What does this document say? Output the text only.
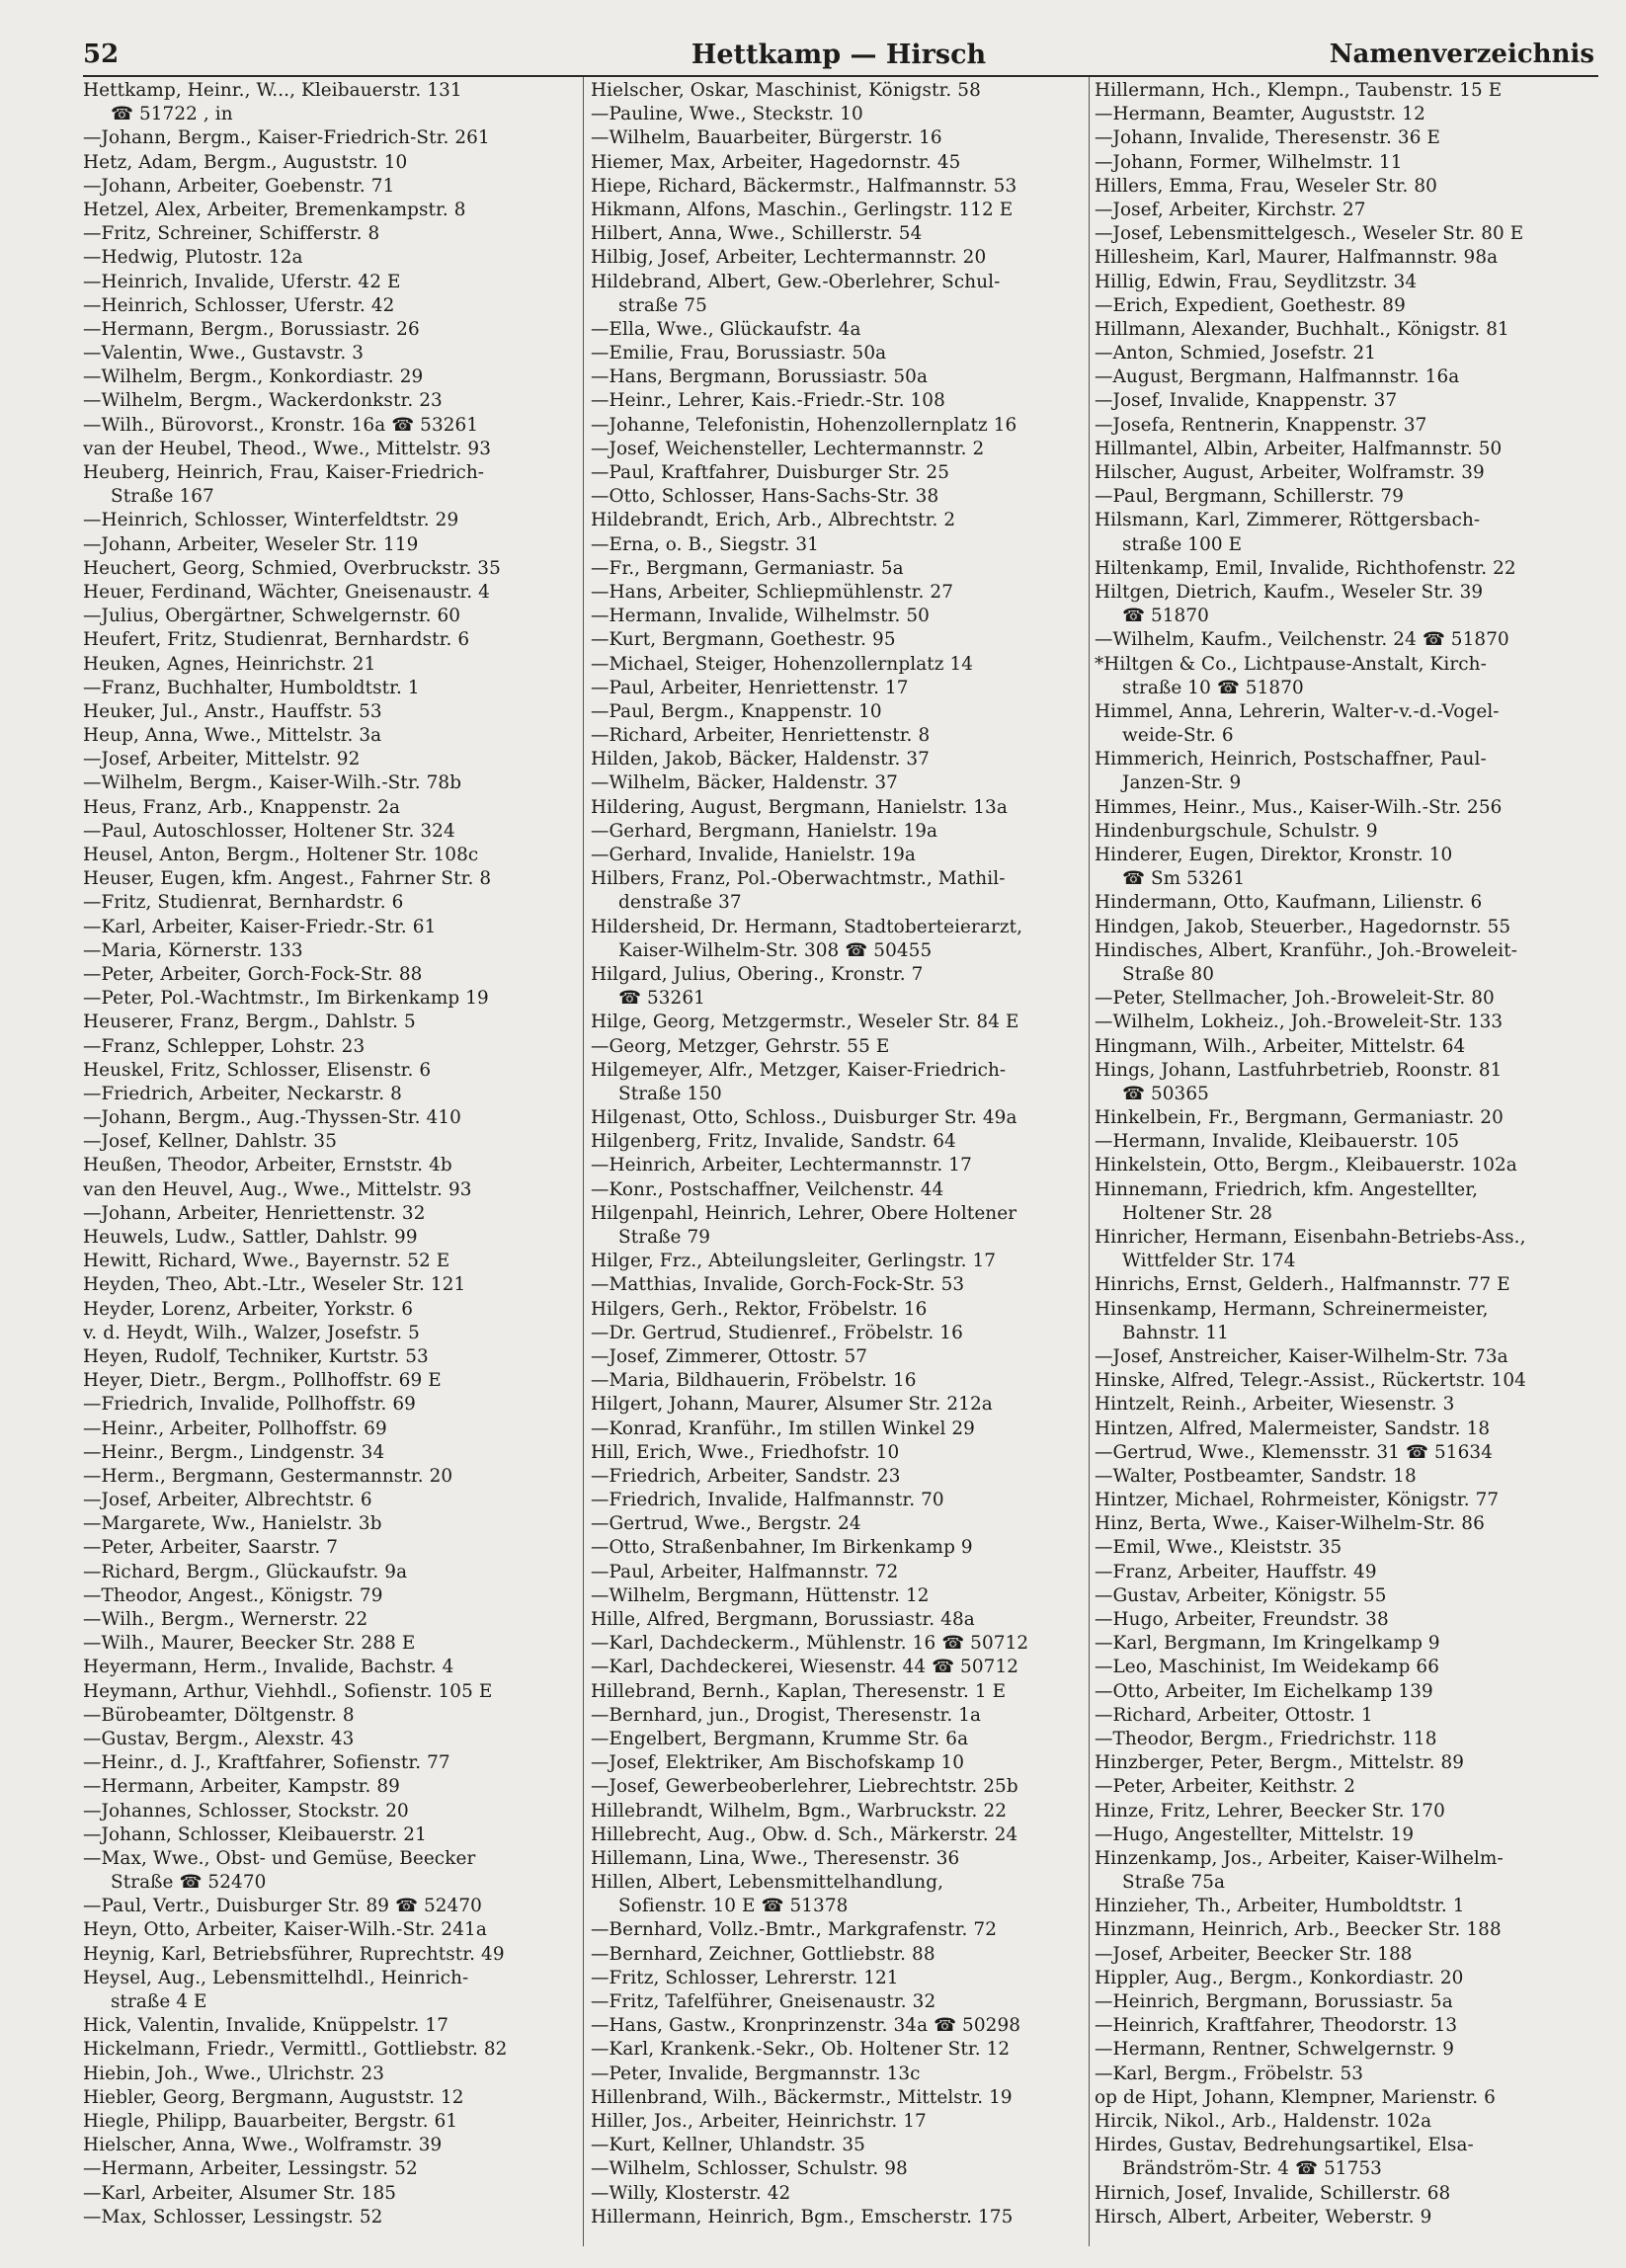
52	Hettkamp — Hirsch	Namenverzeichnis
Hettkamp, Heinr., W..., Kleibauerstr. 131
☎ 51722 , in
—Johann, Bergm., Kaiser-Friedrich-Str. 261
Hetz, Adam, Bergm., Auguststr. 10
—Johann, Arbeiter, Goebenstr. 71
Hetzel, Alex, Arbeiter, Bremenkampstr. 8
—Fritz, Schreiner, Schifferstr. 8
—Hedwig, Plutostr. 12a
—Heinrich, Invalide, Uferstr. 42 E
—Heinrich, Schlosser, Uferstr. 42
—Hermann, Bergm., Borussiastr. 26
—Valentin, Wwe., Gustavstr. 3
—Wilhelm, Bergm., Konkordiastr. 29
—Wilhelm, Bergm., Wackerdonkstr. 23
—Wilh., Bürovorst., Kronstr. 16a ☎ 53261
van der Heubel, Theod., Wwe., Mittelstr. 93
Heuberg, Heinrich, Frau, Kaiser-Friedrich-
Straße 167
—Heinrich, Schlosser, Winterfeldtstr. 29
—Johann, Arbeiter, Weseler Str. 119
Heuchert, Georg, Schmied, Overbruckstr. 35
Heuer, Ferdinand, Wächter, Gneisenaustr. 4
—Julius, Obergärtner, Schwelgernstr. 60
Heufert, Fritz, Studienrat, Bernhardstr. 6
Heuken, Agnes, Heinrichstr. 21
—Franz, Buchhalter, Humboldtstr. 1
Heuker, Jul., Anstr., Hauffstr. 53
Heup, Anna, Wwe., Mittelstr. 3a
—Josef, Arbeiter, Mittelstr. 92
—Wilhelm, Bergm., Kaiser-Wilh.-Str. 78b
Heus, Franz, Arb., Knappenstr. 2a
—Paul, Autoschlosser, Holtener Str. 324
Heusel, Anton, Bergm., Holtener Str. 108c
Heuser, Eugen, kfm. Angest., Fahrner Str. 8
—Fritz, Studienrat, Bernhardstr. 6
—Karl, Arbeiter, Kaiser-Friedr.-Str. 61
—Maria, Körnerstr. 133
—Peter, Arbeiter, Gorch-Fock-Str. 88
—Peter, Pol.-Wachtmstr., Im Birkenkamp 19
Heuserer, Franz, Bergm., Dahlstr. 5
—Franz, Schlepper, Lohstr. 23
Heuskel, Fritz, Schlosser, Elisenstr. 6
—Friedrich, Arbeiter, Neckarstr. 8
—Johann, Bergm., Aug.-Thyssen-Str. 410
—Josef, Kellner, Dahlstr. 35
Heußen, Theodor, Arbeiter, Ernststr. 4b
van den Heuvel, Aug., Wwe., Mittelstr. 93
—Johann, Arbeiter, Henriettenstr. 32
Heuwels, Ludw., Sattler, Dahlstr. 99
Hewitt, Richard, Wwe., Bayernstr. 52 E
Heyden, Theo, Abt.-Ltr., Weseler Str. 121
Heyder, Lorenz, Arbeiter, Yorkstr. 6
v. d. Heydt, Wilh., Walzer, Josefstr. 5
Heyen, Rudolf, Techniker, Kurtstr. 53
Heyer, Dietr., Bergm., Pollhoffstr. 69 E
—Friedrich, Invalide, Pollhoffstr. 69
—Heinr., Arbeiter, Pollhoffstr. 69
—Heinr., Bergm., Lindgenstr. 34
—Herm., Bergmann, Gestermannstr. 20
—Josef, Arbeiter, Albrechtstr. 6
—Margarete, Ww., Hanielstr. 3b
—Peter, Arbeiter, Saarstr. 7
—Richard, Bergm., Glückaufstr. 9a
—Theodor, Angest., Königstr. 79
—Wilh., Bergm., Wernerstr. 22
—Wilh., Maurer, Beecker Str. 288 E
Heyermann, Herm., Invalide, Bachstr. 4
Heymann, Arthur, Viehhdl., Sofienstr. 105 E
—Bürobeamter, Döltgenstr. 8
—Gustav, Bergm., Alexstr. 43
—Heinr., d. J., Kraftfahrer, Sofienstr. 77
—Hermann, Arbeiter, Kampstr. 89
—Johannes, Schlosser, Stockstr. 20
—Johann, Schlosser, Kleibauerstr. 21
—Max, Wwe., Obst- und Gemüse, Beecker
Straße ☎ 52470
—Paul, Vertr., Duisburger Str. 89 ☎ 52470
Heyn, Otto, Arbeiter, Kaiser-Wilh.-Str. 241a
Heynig, Karl, Betriebsführer, Ruprechtstr. 49
Heysel, Aug., Lebensmittelhdl., Heinrich-
straße 4 E
Hick, Valentin, Invalide, Knüppelstr. 17
Hickelmann, Friedr., Vermittl., Gottliebstr. 82
Hiebin, Joh., Wwe., Ulrichstr. 23
Hiebler, Georg, Bergmann, Auguststr. 12
Hiegle, Philipp, Bauarbeiter, Bergstr. 61
Hielscher, Anna, Wwe., Wolframstr. 39
—Hermann, Arbeiter, Lessingstr. 52
—Karl, Arbeiter, Alsumer Str. 185
—Max, Schlosser, Lessingstr. 52
Hielscher, Oskar, Maschinist, Königstr. 58
—Pauline, Wwe., Steckstr. 10
—Wilhelm, Bauarbeiter, Bürgerstr. 16
Hiemer, Max, Arbeiter, Hagedornstr. 45
Hiepe, Richard, Bäckermstr., Halfmannstr. 53
Hikmann, Alfons, Maschin., Gerlingstr. 112 E
Hilbert, Anna, Wwe., Schillerstr. 54
Hilbig, Josef, Arbeiter, Lechtermannstr. 20
Hildebrand, Albert, Gew.-Oberlehrer, Schul-
straße 75
—Ella, Wwe., Glückaufstr. 4a
—Emilie, Frau, Borussiastr. 50a
—Hans, Bergmann, Borussiastr. 50a
—Heinr., Lehrer, Kais.-Friedr.-Str. 108
—Johanne, Telefonistin, Hohenzollernplatz 16
—Josef, Weichensteller, Lechtermannstr. 2
—Paul, Kraftfahrer, Duisburger Str. 25
—Otto, Schlosser, Hans-Sachs-Str. 38
Hildebrandt, Erich, Arb., Albrechtstr. 2
—Erna, o. B., Siegstr. 31
—Fr., Bergmann, Germaniastr. 5a
—Hans, Arbeiter, Schliepmühlenstr. 27
—Hermann, Invalide, Wilhelmstr. 50
—Kurt, Bergmann, Goethestr. 95
—Michael, Steiger, Hohenzollernplatz 14
—Paul, Arbeiter, Henriettenstr. 17
—Paul, Bergm., Knappenstr. 10
—Richard, Arbeiter, Henriettenstr. 8
Hilden, Jakob, Bäcker, Haldenstr. 37
—Wilhelm, Bäcker, Haldenstr. 37
Hildering, August, Bergmann, Hanielstr. 13a
—Gerhard, Bergmann, Hanielstr. 19a
—Gerhard, Invalide, Hanielstr. 19a
Hilbers, Franz, Pol.-Oberwachtmstr., Mathil-
denstraße 37
Hildersheid, Dr. Hermann, Stadtoberteierarzt,
Kaiser-Wilhelm-Str. 308 ☎ 50455
Hilgard, Julius, Obering., Kronstr. 7
☎ 53261
Hilge, Georg, Metzgermstr., Weseler Str. 84 E
—Georg, Metzger, Gehrstr. 55 E
Hilgemeyer, Alfr., Metzger, Kaiser-Friedrich-
Straße 150
Hilgenast, Otto, Schloss., Duisburger Str. 49a
Hilgenberg, Fritz, Invalide, Sandstr. 64
—Heinrich, Arbeiter, Lechtermannstr. 17
—Konr., Postschaffner, Veilchenstr. 44
Hilgenpahl, Heinrich, Lehrer, Obere Holtener
Straße 79
Hilger, Frz., Abteilungsleiter, Gerlingstr. 17
—Matthias, Invalide, Gorch-Fock-Str. 53
Hilgers, Gerh., Rektor, Fröbelstr. 16
—Dr. Gertrud, Studienref., Fröbelstr. 16
—Josef, Zimmerer, Ottostr. 57
—Maria, Bildhauerin, Fröbelstr. 16
Hilgert, Johann, Maurer, Alsumer Str. 212a
—Konrad, Kranführ., Im stillen Winkel 29
Hill, Erich, Wwe., Friedhofstr. 10
—Friedrich, Arbeiter, Sandstr. 23
—Friedrich, Invalide, Halfmannstr. 70
—Gertrud, Wwe., Bergstr. 24
—Otto, Straßenbahner, Im Birkenkamp 9
—Paul, Arbeiter, Halfmannstr. 72
—Wilhelm, Bergmann, Hüttenstr. 12
Hille, Alfred, Bergmann, Borussiastr. 48a
—Karl, Dachdeckerm., Mühlenstr. 16 ☎ 50712
—Karl, Dachdeckerei, Wiesenstr. 44 ☎ 50712
Hillebrand, Bernh., Kaplan, Theresenstr. 1 E
—Bernhard, jun., Drogist, Theresenstr. 1a
—Engelbert, Bergmann, Krumme Str. 6a
—Josef, Elektriker, Am Bischofskamp 10
—Josef, Gewerbeoberlehrer, Liebrechtstr. 25b
Hillebrandt, Wilhelm, Bgm., Warbruckstr. 22
Hillebrecht, Aug., Obw. d. Sch., Märkerstr. 24
Hillemann, Lina, Wwe., Theresenstr. 36
Hillen, Albert, Lebensmittelhandlung,
Sofienstr. 10 E ☎ 51378
—Bernhard, Vollz.-Bmtr., Markgrafenstr. 72
—Bernhard, Zeichner, Gottliebstr. 88
—Fritz, Schlosser, Lehrerstr. 121
—Fritz, Tafelführer, Gneisenaustr. 32
—Hans, Gastw., Kronprinzenstr. 34a ☎ 50298
—Karl, Krankenk.-Sekr., Ob. Holtener Str. 12
—Peter, Invalide, Bergmannstr. 13c
Hillenbrand, Wilh., Bäckermstr., Mittelstr. 19
Hiller, Jos., Arbeiter, Heinrichstr. 17
—Kurt, Kellner, Uhlandstr. 35
—Wilhelm, Schlosser, Schulstr. 98
—Willy, Klosterstr. 42
Hillermann, Heinrich, Bgm., Emscherstr. 175
Hillermann, Hch., Klempn., Taubenstr. 15 E
—Hermann, Beamter, Auguststr. 12
—Johann, Invalide, Theresenstr. 36 E
—Johann, Former, Wilhelmstr. 11
Hillers, Emma, Frau, Weseler Str. 80
—Josef, Arbeiter, Kirchstr. 27
—Josef, Lebensmittelgesch., Weseler Str. 80 E
Hillesheim, Karl, Maurer, Halfmannstr. 98a
Hillig, Edwin, Frau, Seydlitzstr. 34
—Erich, Expedient, Goethestr. 89
Hillmann, Alexander, Buchhalt., Königstr. 81
—Anton, Schmied, Josefstr. 21
—August, Bergmann, Halfmannstr. 16a
—Josef, Invalide, Knappenstr. 37
—Josefa, Rentnerin, Knappenstr. 37
Hillmantel, Albin, Arbeiter, Halfmannstr. 50
Hilscher, August, Arbeiter, Wolframstr. 39
—Paul, Bergmann, Schillerstr. 79
Hilsmann, Karl, Zimmerer, Röttgersbach-
straße 100 E
Hiltenkamp, Emil, Invalide, Richthofenstr. 22
Hiltgen, Dietrich, Kaufm., Weseler Str. 39
☎ 51870
—Wilhelm, Kaufm., Veilchenstr. 24 ☎ 51870
*Hiltgen & Co., Lichtpause-Anstalt, Kirch-
straße 10 ☎ 51870
Himmel, Anna, Lehrerin, Walter-v.-d.-Vogel-
weide-Str. 6
Himmerich, Heinrich, Postschaffner, Paul-
Janzen-Str. 9
Himmes, Heinr., Mus., Kaiser-Wilh.-Str. 256
Hindenburgschule, Schulstr. 9
Hinderer, Eugen, Direktor, Kronstr. 10
☎ Sm 53261
Hindermann, Otto, Kaufmann, Lilienstr. 6
Hindgen, Jakob, Steuerber., Hagedornstr. 55
Hindisches, Albert, Kranführ., Joh.-Broweleit-
Straße 80
—Peter, Stellmacher, Joh.-Broweleit-Str. 80
—Wilhelm, Lokheiz., Joh.-Broweleit-Str. 133
Hingmann, Wilh., Arbeiter, Mittelstr. 64
Hings, Johann, Lastfuhrbetrieb, Roonstr. 81
☎ 50365
Hinkelbein, Fr., Bergmann, Germaniastr. 20
—Hermann, Invalide, Kleibauerstr. 105
Hinkelstein, Otto, Bergm., Kleibauerstr. 102a
Hinnemann, Friedrich, kfm. Angestellter,
Holtener Str. 28
Hinricher, Hermann, Eisenbahn-Betriebs-Ass.,
Wittfelder Str. 174
Hinrichs, Ernst, Gelderh., Halfmannstr. 77 E
Hinsenkamp, Hermann, Schreinermeister,
Bahnstr. 11
—Josef, Anstreicher, Kaiser-Wilhelm-Str. 73a
Hinske, Alfred, Telegr.-Assist., Rückertstr. 104
Hintzelt, Reinh., Arbeiter, Wiesenstr. 3
Hintzen, Alfred, Malermeister, Sandstr. 18
—Gertrud, Wwe., Klemensstr. 31 ☎ 51634
—Walter, Postbeamter, Sandstr. 18
Hintzer, Michael, Rohrmeister, Königstr. 77
Hinz, Berta, Wwe., Kaiser-Wilhelm-Str. 86
—Emil, Wwe., Kleiststr. 35
—Franz, Arbeiter, Hauffstr. 49
—Gustav, Arbeiter, Königstr. 55
—Hugo, Arbeiter, Freundstr. 38
—Karl, Bergmann, Im Kringelkamp 9
—Leo, Maschinist, Im Weidekamp 66
—Otto, Arbeiter, Im Eichelkamp 139
—Richard, Arbeiter, Ottostr. 1
—Theodor, Bergm., Friedrichstr. 118
Hinzberger, Peter, Bergm., Mittelstr. 89
—Peter, Arbeiter, Keithstr. 2
Hinze, Fritz, Lehrer, Beecker Str. 170
—Hugo, Angestellter, Mittelstr. 19
Hinzenkamp, Jos., Arbeiter, Kaiser-Wilhelm-
Straße 75a
Hinzieher, Th., Arbeiter, Humboldtstr. 1
Hinzmann, Heinrich, Arb., Beecker Str. 188
—Josef, Arbeiter, Beecker Str. 188
Hippler, Aug., Bergm., Konkordiastr. 20
—Heinrich, Bergmann, Borussiastr. 5a
—Heinrich, Kraftfahrer, Theodorstr. 13
—Hermann, Rentner, Schwelgernstr. 9
—Karl, Bergm., Fröbelstr. 53
op de Hipt, Johann, Klempner, Marienstr. 6
Hircik, Nikol., Arb., Haldenstr. 102a
Hirdes, Gustav, Bedrehungsartikel, Elsa-
Brändström-Str. 4 ☎ 51753
Hirnich, Josef, Invalide, Schillerstr. 68
Hirsch, Albert, Arbeiter, Weberstr. 9
